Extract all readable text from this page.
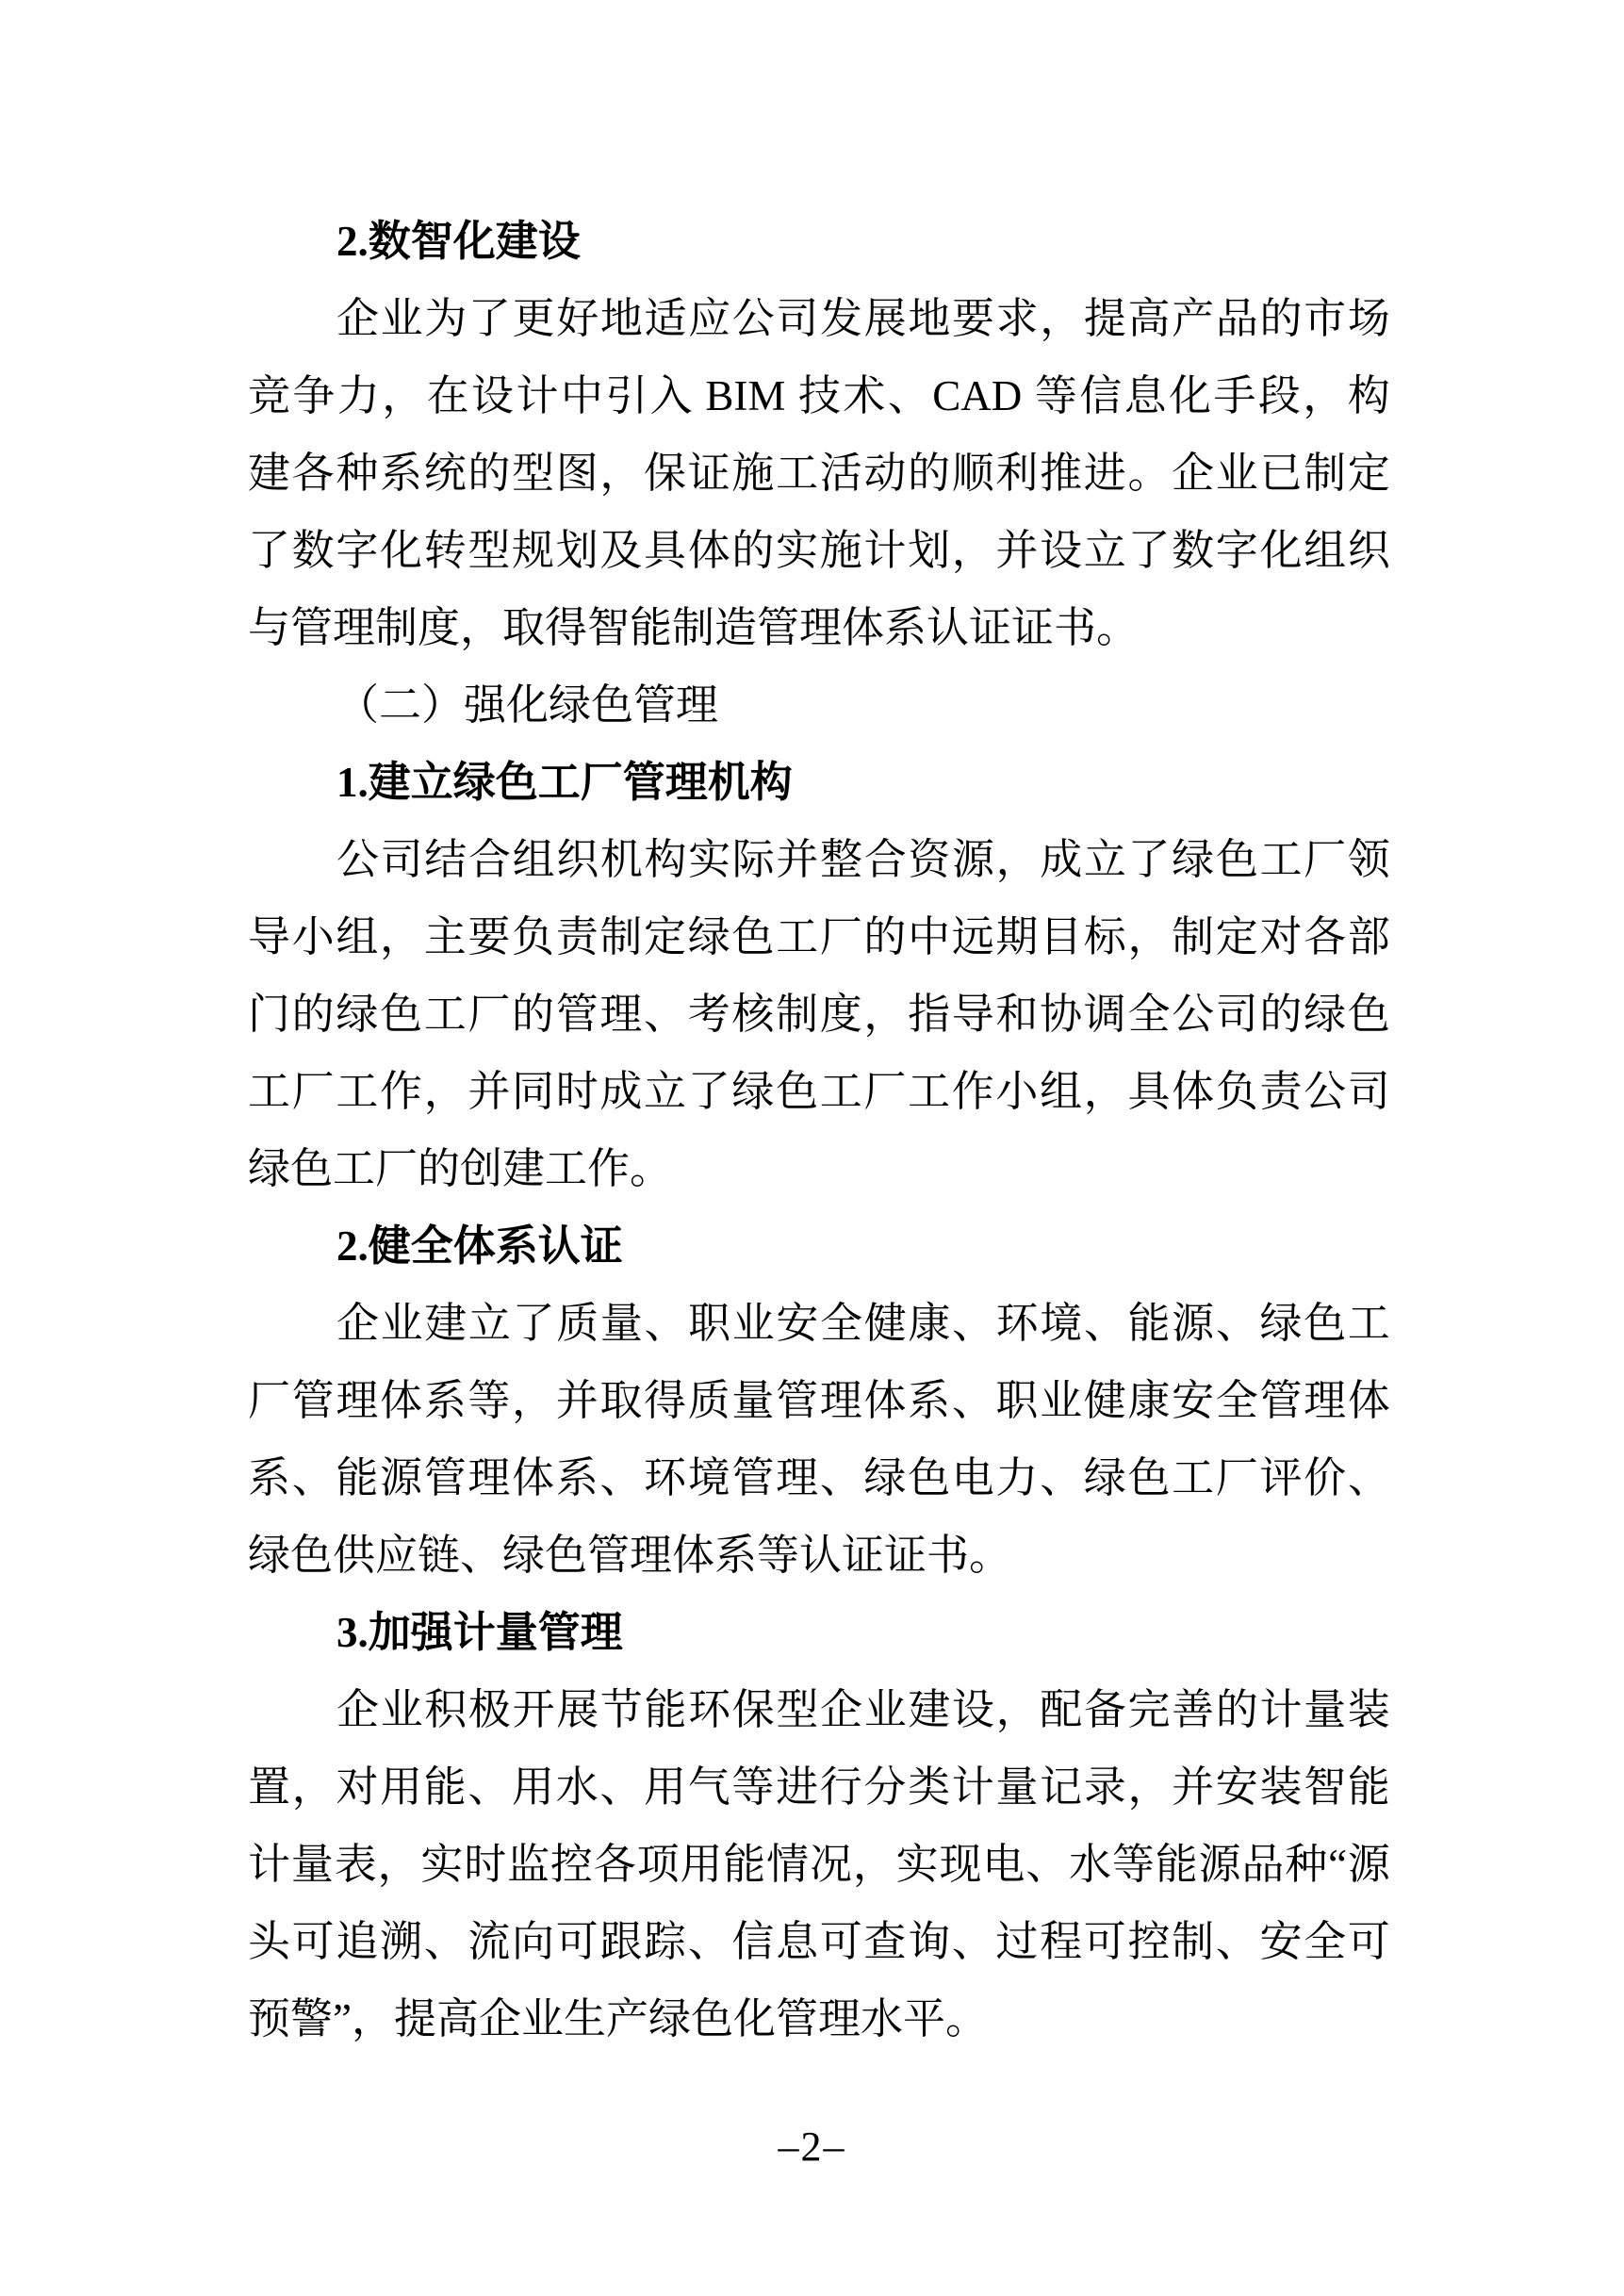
2.数智化建设
企 业 为 了 更 好 地 适 应 公 司 发 展 地 要 求 ， 提 高 产 品 的 市 场
竞 争 力 ， 在 设 计 中 引 入 BIM 技 术 、 CAD 等 信 息 化 手 段 ， 构
建 各 种 系 统 的 型 图 ， 保 证 施 工 活 动 的 顺 利 推 进 。 企 业 已 制 定
了 数 字 化 转 型 规 划 及 具 体 的 实 施 计 划 ， 并 设 立 了 数 字 化 组 织
与管理制度，取得智能制造管理体系认证证书。
（二）强化绿色管理
1.建立绿色工厂管理机构
公 司 结 合 组 织 机 构 实 际 并 整 合 资 源 ， 成 立 了 绿 色 工 厂 领
导 小 组 ， 主 要 负 责 制 定 绿 色 工 厂 的 中 远 期 目 标 ， 制 定 对 各 部
门 的 绿 色 工 厂 的 管 理 、 考 核 制 度 ， 指 导 和 协 调 全 公 司 的 绿 色
工 厂 工 作 ， 并 同 时 成 立 了 绿 色 工 厂 工 作 小 组 ， 具 体 负 责 公 司
绿色工厂的创建工作。
2.健全体系认证
企 业 建 立 了 质 量 、 职 业 安 全 健 康 、 环 境 、 能 源 、 绿 色 工
厂 管 理 体 系 等 ， 并 取 得 质 量 管 理 体 系 、 职 业 健 康 安 全 管 理 体
系 、 能 源 管 理 体 系 、 环 境 管 理 、 绿 色 电 力 、 绿 色 工 厂 评 价 、
绿色供应链、绿色管理体系等认证证书。
3.加强计量管理
企 业 积 极 开 展 节 能 环 保 型 企 业 建 设 ， 配 备 完 善 的 计 量 装
置 ， 对 用 能 、 用 水 、 用 气 等 进 行 分 类 计 量 记 录 ， 并 安 装 智 能
计 量 表 ， 实 时 监 控 各 项 用 能 情 况 ， 实 现 电 、 水 等 能 源 品 种 “ 源
头 可 追 溯 、 流 向 可 跟 踪 、 信 息 可 查 询 、 过 程 可 控 制 、 安 全 可
预警”，提高企业生产绿色化管理水平。
–2–
